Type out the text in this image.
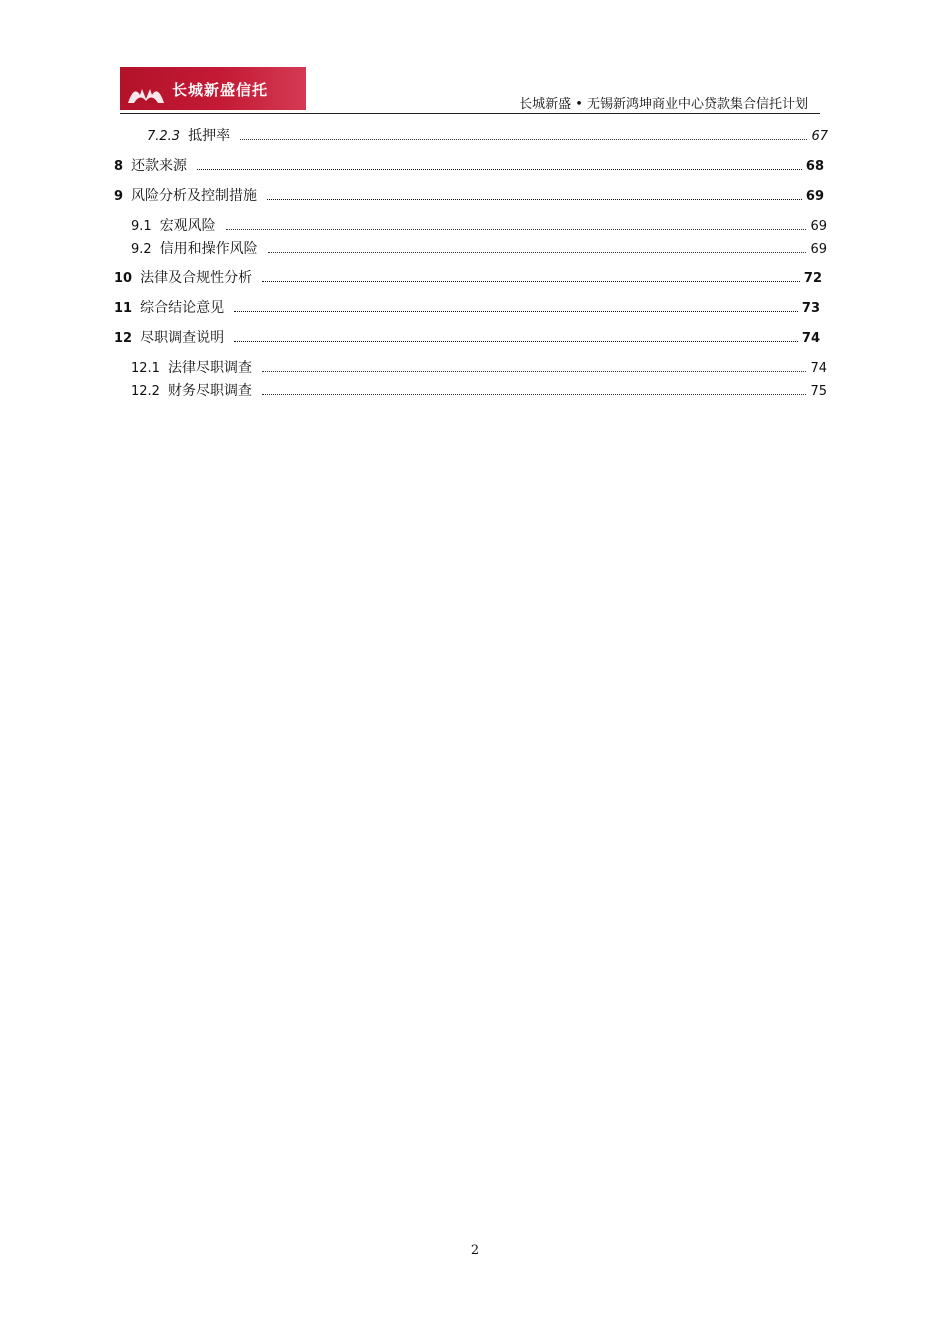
长城新盛信托
长城新盛 • 无锡新鸿坤商业中心贷款集合信托计划
7.2.3 抵押率	67
8 还款来源	68
9 风险分析及控制措施	69
9.1 宏观风险	69
9.2 信用和操作风险	69
10 法律及合规性分析	72
11 综合结论意见	73
12 尽职调查说明	74
12.1 法律尽职调查	74
12.2 财务尽职调查	75
2
